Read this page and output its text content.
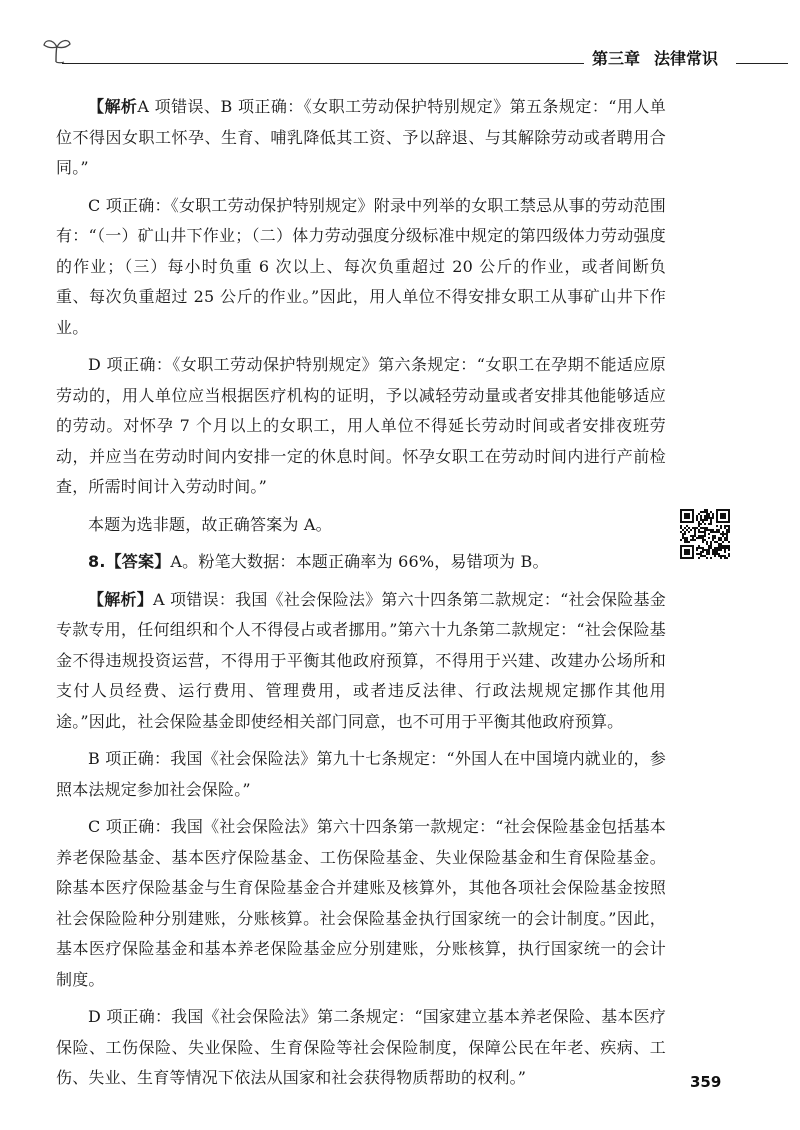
第三章 法律常识

【解析A 项错误、B 项正确：《女职工劳动保护特别规定》第五条规定：“用人单位不得因女职工怀孕、生育、哺乳降低其工资、予以辞退、与其解除劳动或者聘用合同。”

C 项正确：《女职工劳动保护特别规定》附录中列举的女职工禁忌从事的劳动范围有：“（一）矿山井下作业；（二）体力劳动强度分级标准中规定的第四级体力劳动强度的作业；（三）每小时负重 6 次以上、每次负重超过 20 公斤的作业，或者间断负重、每次负重超过 25 公斤的作业。”因此，用人单位不得安排女职工从事矿山井下作业。

D 项正确：《女职工劳动保护特别规定》第六条规定：“女职工在孕期不能适应原劳动的，用人单位应当根据医疗机构的证明，予以减轻劳动量或者安排其他能够适应的劳动。对怀孕 7 个月以上的女职工，用人单位不得延长劳动时间或者安排夜班劳动，并应当在劳动时间内安排一定的休息时间。怀孕女职工在劳动时间内进行产前检查，所需时间计入劳动时间。”

本题为选非题，故正确答案为 A。

8.【答案】A。粉笔大数据：本题正确率为 66%，易错项为 B。

【解析】A 项错误：我国《社会保险法》第六十四条第二款规定：“社会保险基金专款专用，任何组织和个人不得侵占或者挪用。”第六十九条第二款规定：“社会保险基金不得违规投资运营，不得用于平衡其他政府预算，不得用于兴建、改建办公场所和支付人员经费、运行费用、管理费用，或者违反法律、行政法规规定挪作其他用途。”因此，社会保险基金即使经相关部门同意，也不可用于平衡其他政府预算。

B 项正确：我国《社会保险法》第九十七条规定：“外国人在中国境内就业的，参照本法规定参加社会保险。”

C 项正确：我国《社会保险法》第六十四条第一款规定：“社会保险基金包括基本养老保险基金、基本医疗保险基金、工伤保险基金、失业保险基金和生育保险基金。除基本医疗保险基金与生育保险基金合并建账及核算外，其他各项社会保险基金按照社会保险险种分别建账，分账核算。社会保险基金执行国家统一的会计制度。”因此，基本医疗保险基金和基本养老保险基金应分别建账，分账核算，执行国家统一的会计制度。

D 项正确：我国《社会保险法》第二条规定：“国家建立基本养老保险、基本医疗保险、工伤保险、失业保险、生育保险等社会保险制度，保障公民在年老、疾病、工伤、失业、生育等情况下依法从国家和社会获得物质帮助的权利。”	359
